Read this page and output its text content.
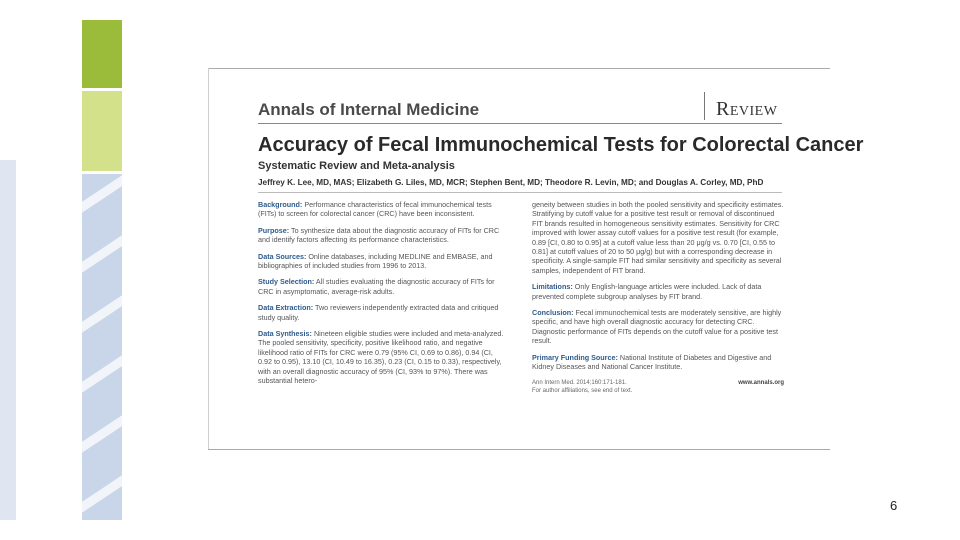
Annals of Internal Medicine	Review
Accuracy of Fecal Immunochemical Tests for Colorectal Cancer
Systematic Review and Meta-analysis
Jeffrey K. Lee, MD, MAS; Elizabeth G. Liles, MD, MCR; Stephen Bent, MD; Theodore R. Levin, MD; and Douglas A. Corley, MD, PhD

Background: Performance characteristics of fecal immunochemical tests (FITs) to screen for colorectal cancer (CRC) have been inconsistent.

Purpose: To synthesize data about the diagnostic accuracy of FITs for CRC and identify factors affecting its performance characteristics.

Data Sources: Online databases, including MEDLINE and EMBASE, and bibliographies of included studies from 1996 to 2013.

Study Selection: All studies evaluating the diagnostic accuracy of FITs for CRC in asymptomatic, average-risk adults.

Data Extraction: Two reviewers independently extracted data and critiqued study quality.

Data Synthesis: Nineteen eligible studies were included and meta-analyzed. The pooled sensitivity, specificity, positive likelihood ratio, and negative likelihood ratio of FITs for CRC were 0.79 (95% CI, 0.69 to 0.86), 0.94 (CI, 0.92 to 0.95), 13.10 (CI, 10.49 to 16.35), 0.23 (CI, 0.15 to 0.33), respectively, with an overall diagnostic accuracy of 95% (CI, 93% to 97%). There was substantial hetero-

geneity between studies in both the pooled sensitivity and specificity estimates. Stratifying by cutoff value for a positive test result or removal of discontinued FIT brands resulted in homogeneous sensitivity estimates. Sensitivity for CRC improved with lower assay cutoff values for a positive test result (for example, 0.89 [CI, 0.80 to 0.95] at a cutoff value less than 20 μg/g vs. 0.70 [CI, 0.55 to 0.81] at cutoff values of 20 to 50 μg/g) but with a corresponding decrease in specificity. A single-sample FIT had similar sensitivity and specificity as several samples, independent of FIT brand.

Limitations: Only English-language articles were included. Lack of data prevented complete subgroup analyses by FIT brand.

Conclusion: Fecal immunochemical tests are moderately sensitive, are highly specific, and have high overall diagnostic accuracy for detecting CRC. Diagnostic performance of FITs depends on the cutoff value for a positive test result.

Primary Funding Source: National Institute of Diabetes and Digestive and Kidney Diseases and National Cancer Institute.

Ann Intern Med. 2014;160:171-181.
For author affiliations, see end of text.
www.annals.org
6
